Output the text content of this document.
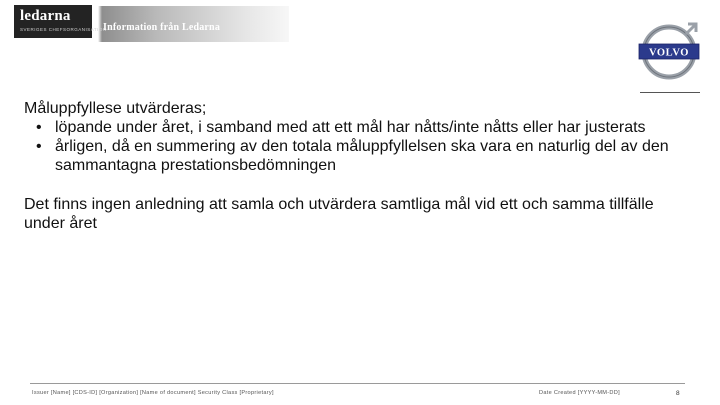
ledarna
SVERIGES CHEFSORGANISATION
Information från Ledarna
VOLVO

Måluppfyllese utvärderas;

• löpande under året, i samband med att ett mål har nåtts/inte nåtts eller har justerats
• årligen, då en summering av den totala måluppfyllelsen ska vara en naturlig del av den sammantagna prestationsbedömningen

Det finns ingen anledning att samla och utvärdera samtliga mål vid ett och samma tillfälle under året

Issuer [Name] [CDS-ID] [Organization] [Name of document] Security Class [Proprietary]	Date Created [YYYY-MM-DD]	8
